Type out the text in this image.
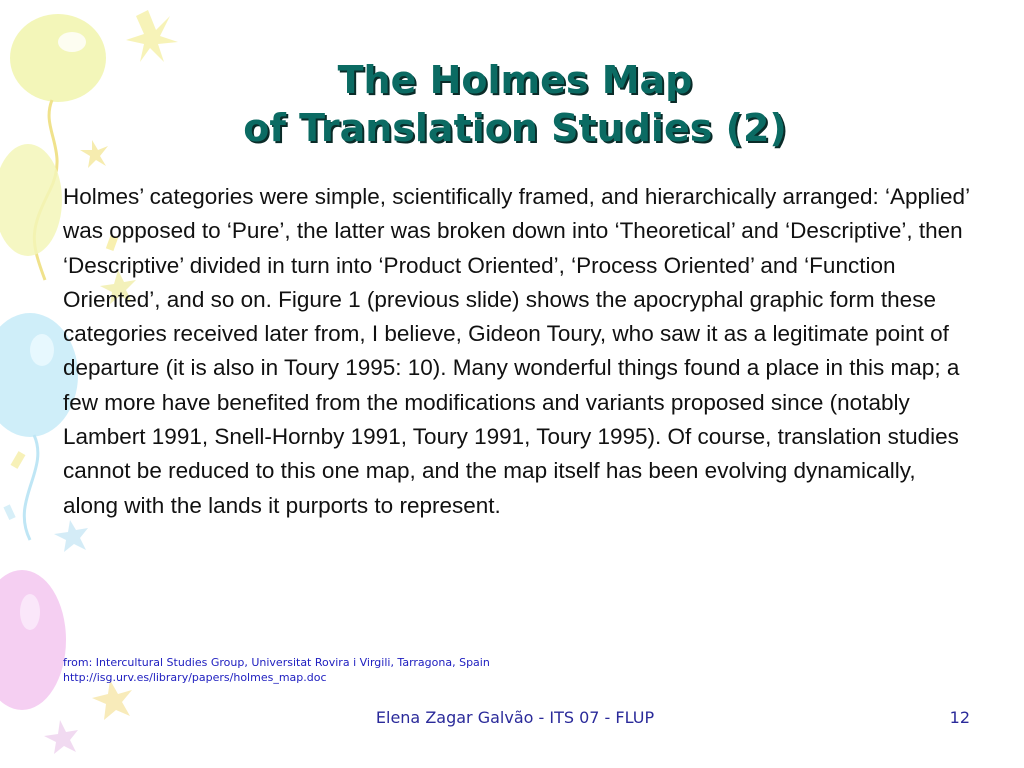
The Holmes Map
of Translation Studies (2)
Holmes’ categories were simple, scientifically framed, and hierarchically arranged: ‘Applied’ was opposed to ‘Pure’, the latter was broken down into ‘Theoretical’ and ‘Descriptive’, then ‘Descriptive’ divided in turn into ‘Product Oriented’, ‘Process Oriented’ and ‘Function Oriented’, and so on. Figure 1 (previous slide) shows the apocryphal graphic form these categories received later from, I believe, Gideon Toury, who saw it as a legitimate point of departure (it is also in Toury 1995: 10). Many wonderful things found a place in this map; a few more have benefited from the modifications and variants proposed since (notably Lambert 1991, Snell-Hornby 1991, Toury 1991, Toury 1995). Of course, translation studies cannot be reduced to this one map, and the map itself has been evolving dynamically, along with the lands it purports to represent.
from: Intercultural Studies Group, Universitat Rovira i Virgili, Tarragona, Spain
http://isg.urv.es/library/papers/holmes_map.doc
Elena Zagar Galvão - ITS 07 - FLUP	12
